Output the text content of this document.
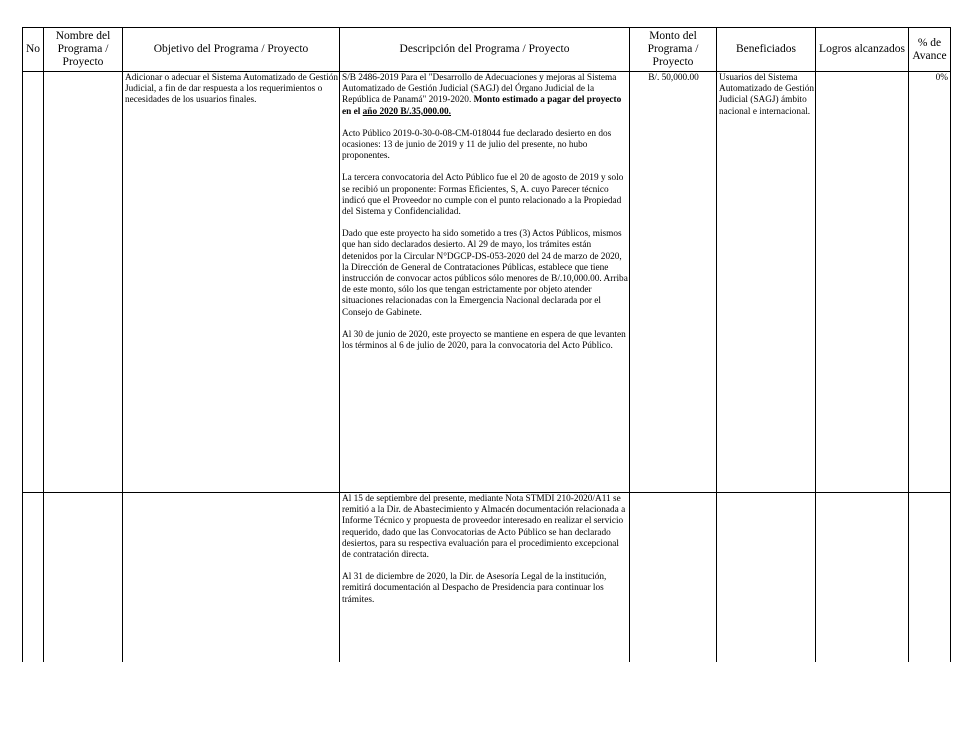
No	Nombre del Programa / Proyecto	Objetivo del Programa / Proyecto	Descripción del Programa / Proyecto	Monto del Programa / Proyecto	Beneficiados	Logros alcanzados	% de Avance

		Adicionar o adecuar el Sistema Automatizado de Gestión Judicial, a fin de dar respuesta a los requerimientos o necesidades de los usuarios finales.	S/B 2486-2019 Para el "Desarrollo de Adecuaciones y mejoras al Sistema Automatizado de Gestión Judicial (SAGJ) del Órgano Judicial de la República de Panamá" 2019-2020. Monto estimado a pagar del proyecto en el año 2020 B/.35,000.00.

Acto Público 2019-0-30-0-08-CM-018044 fue declarado desierto en dos ocasiones: 13 de junio de 2019 y 11 de julio del presente, no hubo proponentes.

La tercera convocatoria del Acto Público fue el 20 de agosto de 2019 y solo se recibió un proponente: Formas Eficientes, S, A. cuyo Parecer técnico indicó que el Proveedor no cumple con el punto relacionado a la Propiedad del Sistema y Confidencialidad.

Dado que este proyecto ha sido sometido a tres (3) Actos Públicos, mismos que han sido declarados desierto. Al 29 de mayo, los trámites están detenidos por la Circular N°DGCP-DS-053-2020 del 24 de marzo de 2020, la Dirección de General de Contrataciones Públicas, establece que tiene instrucción de convocar actos públicos sólo menores de B/.10,000.00. Arriba de este monto, sólo los que tengan estrictamente por objeto atender situaciones relacionadas con la Emergencia Nacional declarada por el Consejo de Gabinete.

Al 30 de junio de 2020, este proyecto se mantiene en espera de que levanten los términos al 6 de julio de 2020, para la convocatoria del Acto Público.	B/. 50,000.00	Usuarios del Sistema Automatizado de Gestión Judicial (SAGJ) ámbito nacional e internacional.		0%

			Al 15 de septiembre del presente, mediante Nota STMDI 210-2020/A11 se remitió a la Dir. de Abastecimiento y Almacén documentación relacionada a Informe Técnico y propuesta de proveedor interesado en realizar el servicio requerido, dado que las Convocatorias de Acto Público se han declarado desiertos, para su respectiva evaluación para el procedimiento excepcional de contratación directa.

Al 31 de diciembre de 2020, la Dir. de Asesoría Legal de la institución, remitirá documentación al Despacho de Presidencia para continuar los trámites.				
